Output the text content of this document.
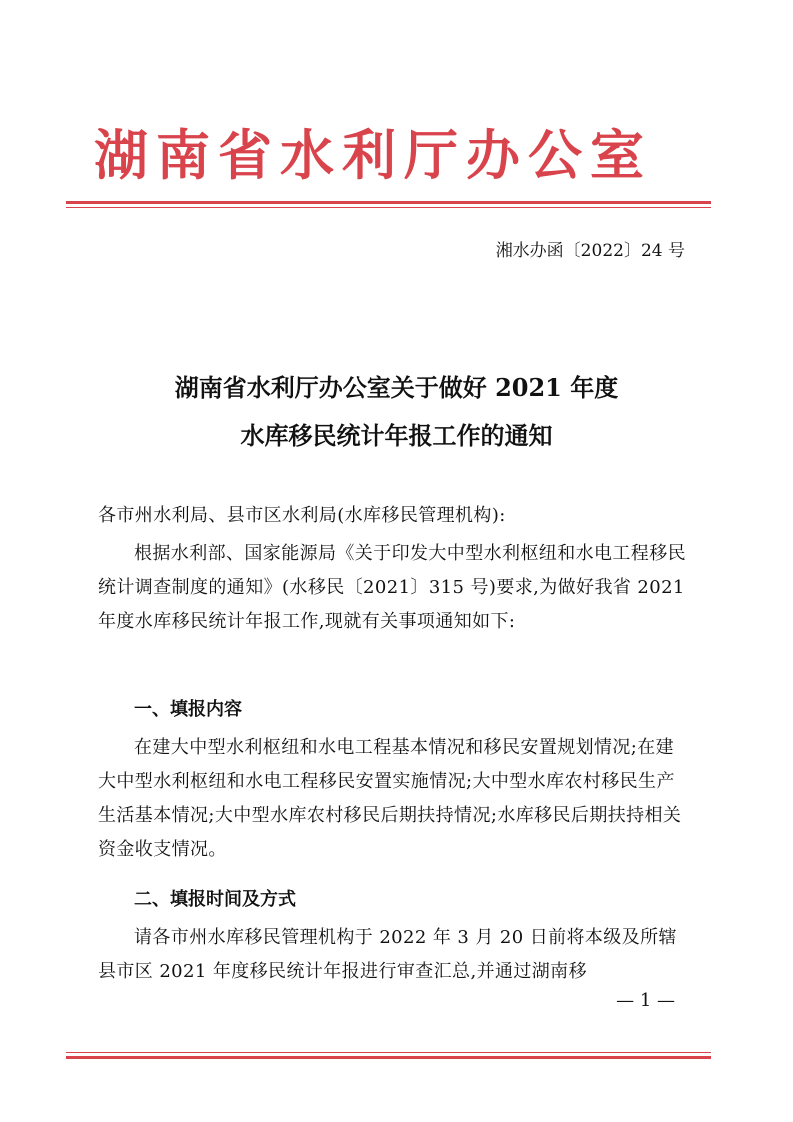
湖南省水利厅办公室
湘水办函〔2022〕24 号
湖南省水利厅办公室关于做好 2021 年度
水库移民统计年报工作的通知

各市州水利局、县市区水利局(水库移民管理机构):

根据水利部、国家能源局《关于印发大中型水利枢纽和水电工程移民统计调查制度的通知》(水移民〔2021〕315 号)要求,为做好我省 2021 年度水库移民统计年报工作,现就有关事项通知如下:

一、填报内容

在建大中型水利枢纽和水电工程基本情况和移民安置规划情况;在建大中型水利枢纽和水电工程移民安置实施情况;大中型水库农村移民生产生活基本情况;大中型水库农村移民后期扶持情况;水库移民后期扶持相关资金收支情况。

二、填报时间及方式

请各市州水库移民管理机构于 2022 年 3 月 20 日前将本级及所辖县市区 2021 年度移民统计年报进行审查汇总,并通过湖南移

— 1 —
